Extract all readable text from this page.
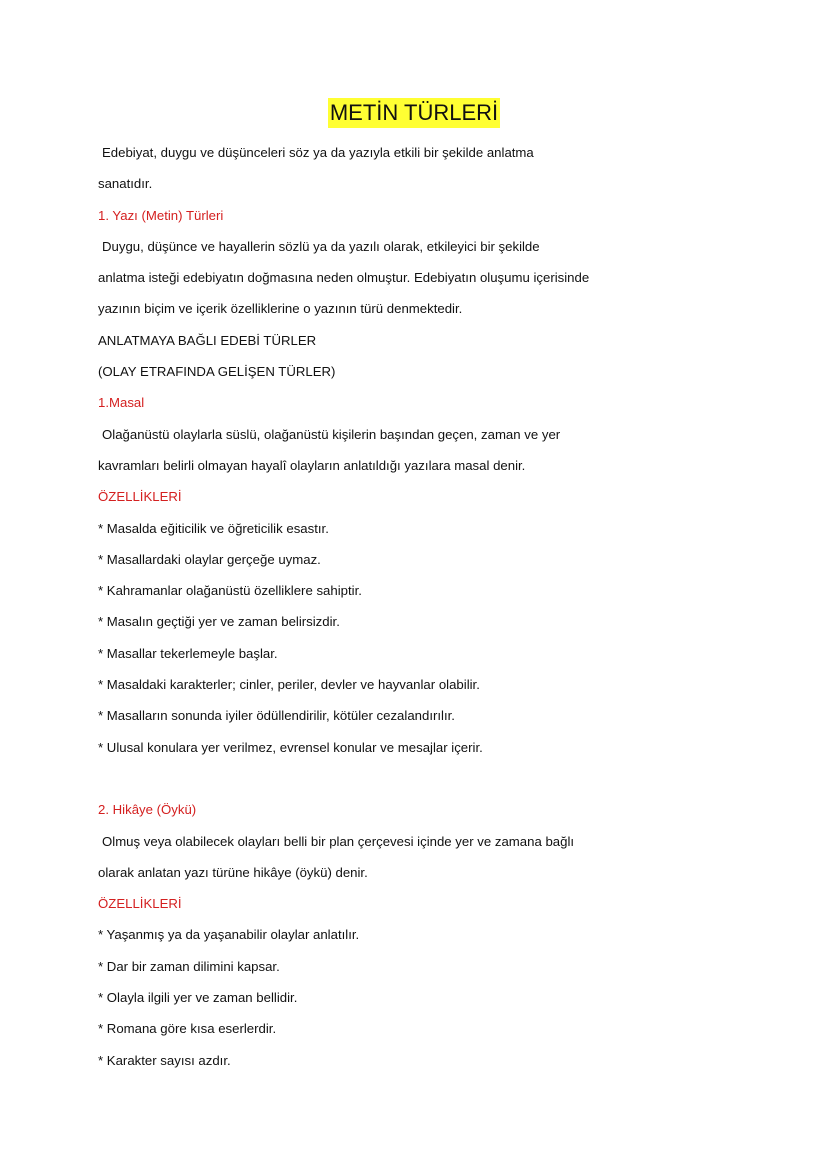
METİN TÜRLERİ
Edebiyat, duygu ve düşünceleri söz ya da yazıyla etkili bir şekilde anlatma
sanatıdır.
1. Yazı (Metin) Türleri
Duygu, düşünce ve hayallerin sözlü ya da yazılı olarak, etkileyici bir şekilde
anlatma isteği edebiyatın doğmasına neden olmuştur. Edebiyatın oluşumu içerisinde
yazının biçim ve içerik özelliklerine o yazının türü denmektedir.
ANLATMAYA BAĞLI EDEBİ TÜRLER
(OLAY ETRAFINDA GELİŞEN TÜRLER)
1.Masal
Olağanüstü olaylarla süslü, olağanüstü kişilerin başından geçen, zaman ve yer
kavramları belirli olmayan hayalî olayların anlatıldığı yazılara masal denir.
ÖZELLİKLERİ
* Masalda eğiticilik ve öğreticilik esastır.
* Masallardaki olaylar gerçeğe uymaz.
* Kahramanlar olağanüstü özelliklere sahiptir.
* Masalın geçtiği yer ve zaman belirsizdir.
* Masallar tekerlemeyle başlar.
* Masaldaki karakterler; cinler, periler, devler ve hayvanlar olabilir.
* Masalların sonunda iyiler ödüllendirilir, kötüler cezalandırılır.
* Ulusal konulara yer verilmez, evrensel konular ve mesajlar içerir.
2. Hikâye (Öykü)
Olmuş veya olabilecek olayları belli bir plan çerçevesi içinde yer ve zamana bağlı
olarak anlatan yazı türüne hikâye (öykü) denir.
ÖZELLİKLERİ
* Yaşanmış ya da yaşanabilir olaylar anlatılır.
* Dar bir zaman dilimini kapsar.
* Olayla ilgili yer ve zaman bellidir.
* Romana göre kısa eserlerdir.
* Karakter sayısı azdır.
